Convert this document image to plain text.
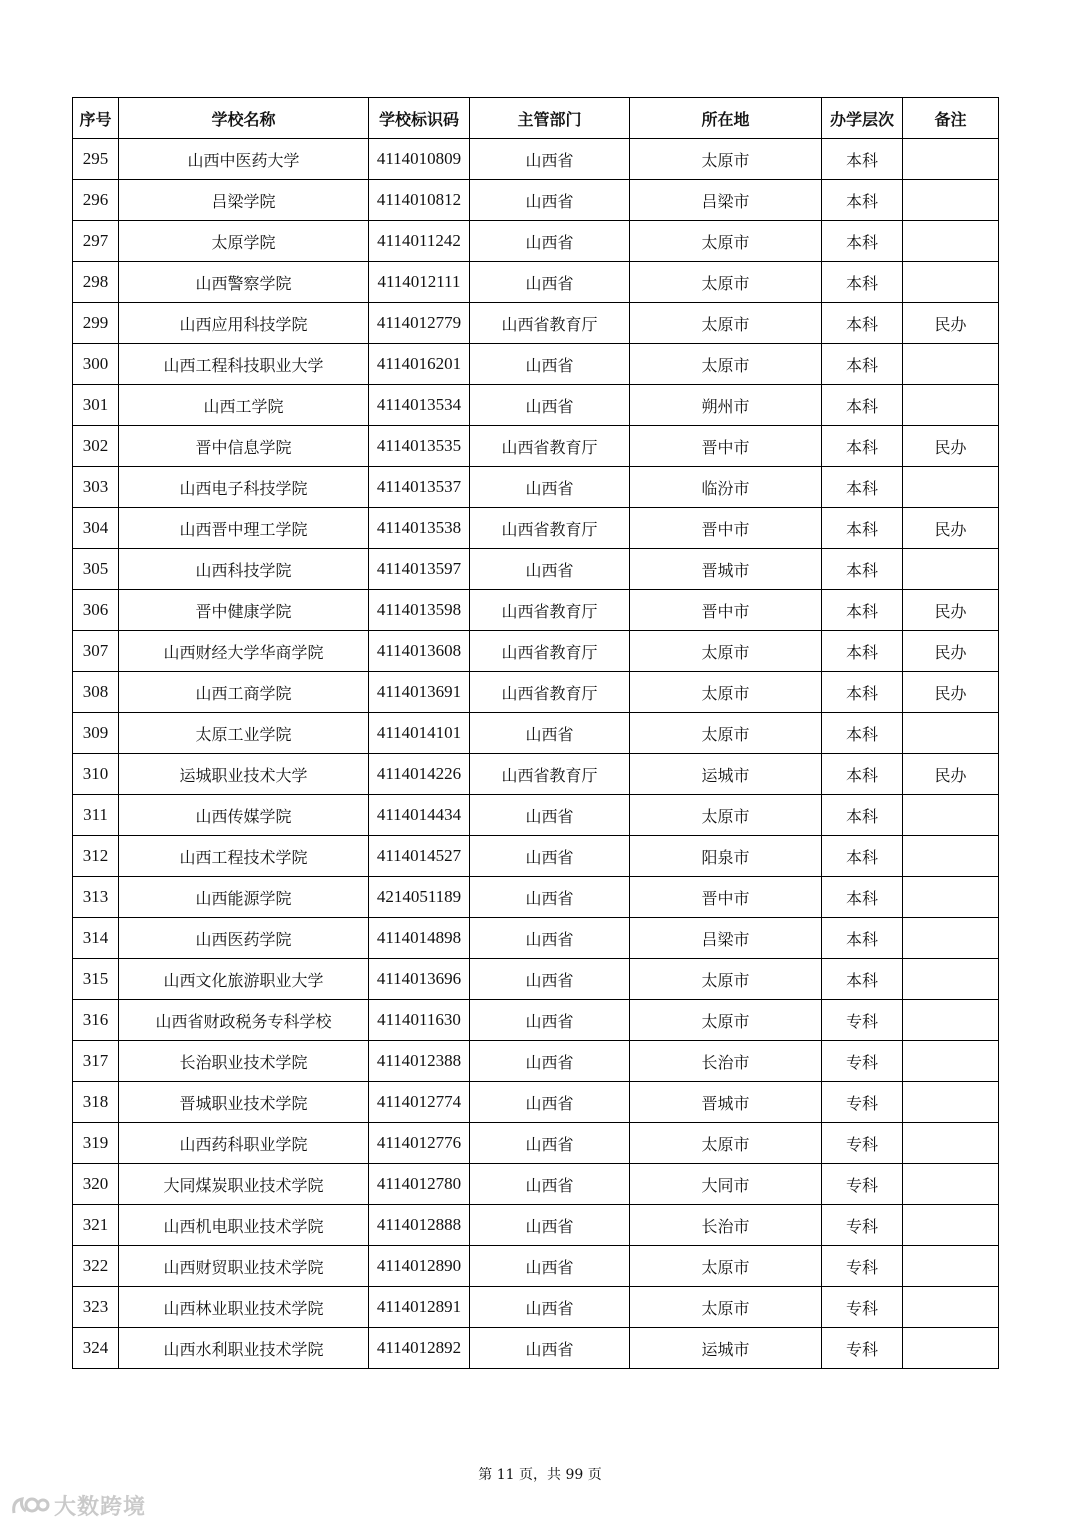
序号	学校名称	学校标识码	主管部门	所在地	办学层次	备注
295	山西中医药大学	4114010809	山西省	太原市	本科	
296	吕梁学院	4114010812	山西省	吕梁市	本科	
297	太原学院	4114011242	山西省	太原市	本科	
298	山西警察学院	4114012111	山西省	太原市	本科	
299	山西应用科技学院	4114012779	山西省教育厅	太原市	本科	民办
300	山西工程科技职业大学	4114016201	山西省	太原市	本科	
301	山西工学院	4114013534	山西省	朔州市	本科	
302	晋中信息学院	4114013535	山西省教育厅	晋中市	本科	民办
303	山西电子科技学院	4114013537	山西省	临汾市	本科	
304	山西晋中理工学院	4114013538	山西省教育厅	晋中市	本科	民办
305	山西科技学院	4114013597	山西省	晋城市	本科	
306	晋中健康学院	4114013598	山西省教育厅	晋中市	本科	民办
307	山西财经大学华商学院	4114013608	山西省教育厅	太原市	本科	民办
308	山西工商学院	4114013691	山西省教育厅	太原市	本科	民办
309	太原工业学院	4114014101	山西省	太原市	本科	
310	运城职业技术大学	4114014226	山西省教育厅	运城市	本科	民办
311	山西传媒学院	4114014434	山西省	太原市	本科	
312	山西工程技术学院	4114014527	山西省	阳泉市	本科	
313	山西能源学院	4214051189	山西省	晋中市	本科	
314	山西医药学院	4114014898	山西省	吕梁市	本科	
315	山西文化旅游职业大学	4114013696	山西省	太原市	本科	
316	山西省财政税务专科学校	4114011630	山西省	太原市	专科	
317	长治职业技术学院	4114012388	山西省	长治市	专科	
318	晋城职业技术学院	4114012774	山西省	晋城市	专科	
319	山西药科职业学院	4114012776	山西省	太原市	专科	
320	大同煤炭职业技术学院	4114012780	山西省	大同市	专科	
321	山西机电职业技术学院	4114012888	山西省	长治市	专科	
322	山西财贸职业技术学院	4114012890	山西省	太原市	专科	
323	山西林业职业技术学院	4114012891	山西省	太原市	专科	
324	山西水利职业技术学院	4114012892	山西省	运城市	专科	
第 11 页，共 99 页
大数跨境
